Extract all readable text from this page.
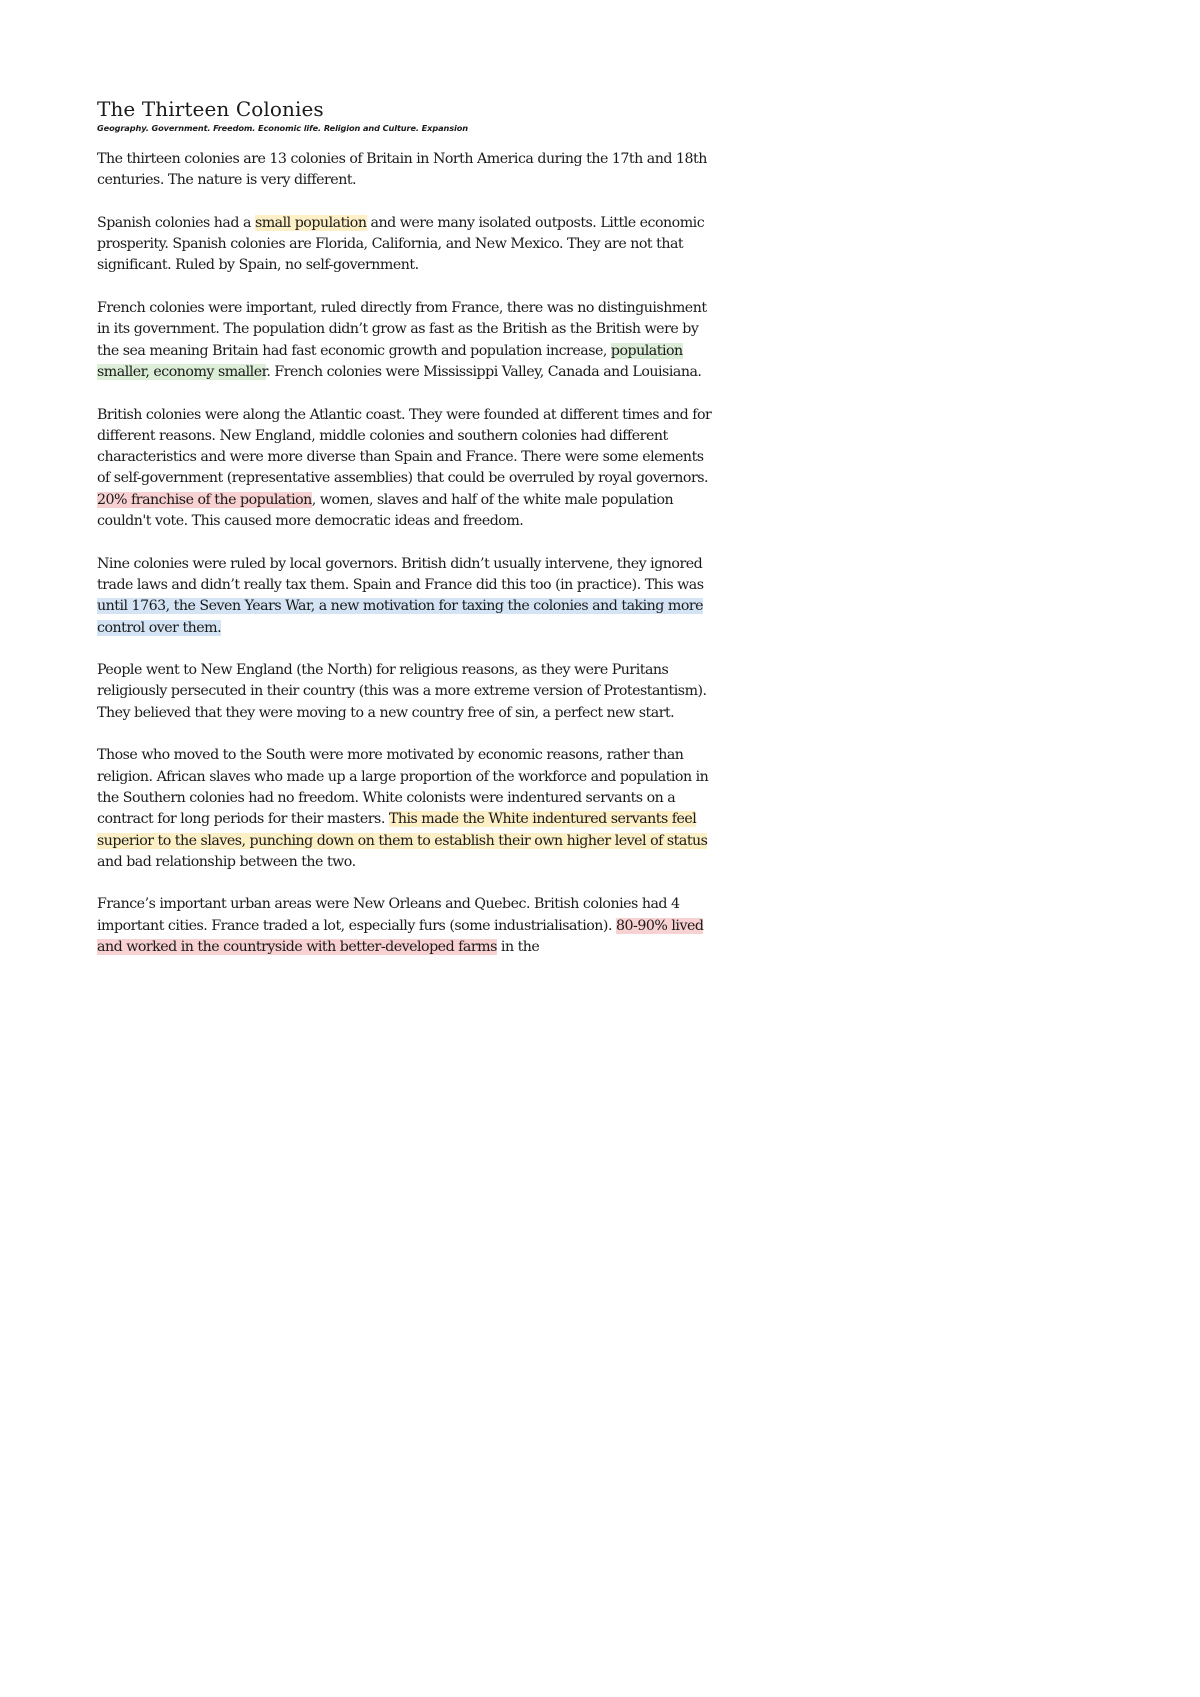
The Thirteen Colonies
Geography. Government. Freedom. Economic life. Religion and Culture. Expansion

The thirteen colonies are 13 colonies of Britain in North America during the 17th and 18th centuries. The nature is very different.

Spanish colonies had a small population and were many isolated outposts. Little economic prosperity. Spanish colonies are Florida, California, and New Mexico. They are not that significant. Ruled by Spain, no self-government.

French colonies were important, ruled directly from France, there was no distinguishment in its government. The population didn’t grow as fast as the British as the British were by the sea meaning Britain had fast economic growth and population increase, population smaller, economy smaller. French colonies were Mississippi Valley, Canada and Louisiana.

British colonies were along the Atlantic coast. They were founded at different times and for different reasons. New England, middle colonies and southern colonies had different characteristics and were more diverse than Spain and France. There were some elements of self-government (representative assemblies) that could be overruled by royal governors. 20% franchise of the population, women, slaves and half of the white male population couldn't vote. This caused more democratic ideas and freedom.

Nine colonies were ruled by local governors. British didn’t usually intervene, they ignored trade laws and didn’t really tax them. Spain and France did this too (in practice). This was until 1763, the Seven Years War, a new motivation for taxing the colonies and taking more control over them.

People went to New England (the North) for religious reasons, as they were Puritans religiously persecuted in their country (this was a more extreme version of Protestantism). They believed that they were moving to a new country free of sin, a perfect new start.

Those who moved to the South were more motivated by economic reasons, rather than religion. African slaves who made up a large proportion of the workforce and population in the Southern colonies had no freedom. White colonists were indentured servants on a contract for long periods for their masters. This made the White indentured servants feel superior to the slaves, punching down on them to establish their own higher level of status and bad relationship between the two.

France’s important urban areas were New Orleans and Quebec. British colonies had 4 important cities. France traded a lot, especially furs (some industrialisation). 80-90% lived and worked in the countryside with better-developed farms in the
